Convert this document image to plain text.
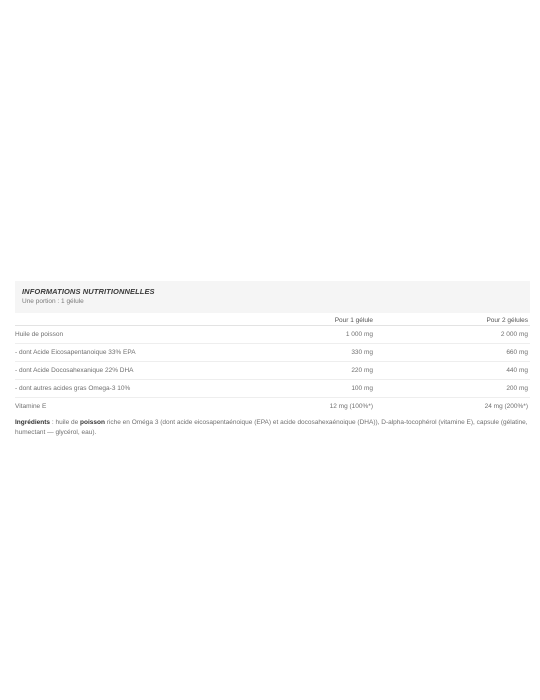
INFORMATIONS NUTRITIONNELLES
Une portion : 1 gélule
	Pour 1 gélule	Pour 2 gélules
Huile de poisson	1 000 mg	2 000 mg
- dont Acide Eicosapentanoique 33% EPA	330 mg	660 mg
- dont Acide Docosahexanique 22% DHA	220 mg	440 mg
- dont autres acides gras Omega-3 10%	100 mg	200 mg
Vitamine E	12 mg (100%*)	24 mg (200%*)
Ingrédients : huile de poisson riche en Oméga 3 (dont acide eicosapentaénoique (EPA) et acide docosahexaénoique (DHA)), D-alpha-tocophérol (vitamine E), capsule (gélatine, humectant — glycérol, eau).
